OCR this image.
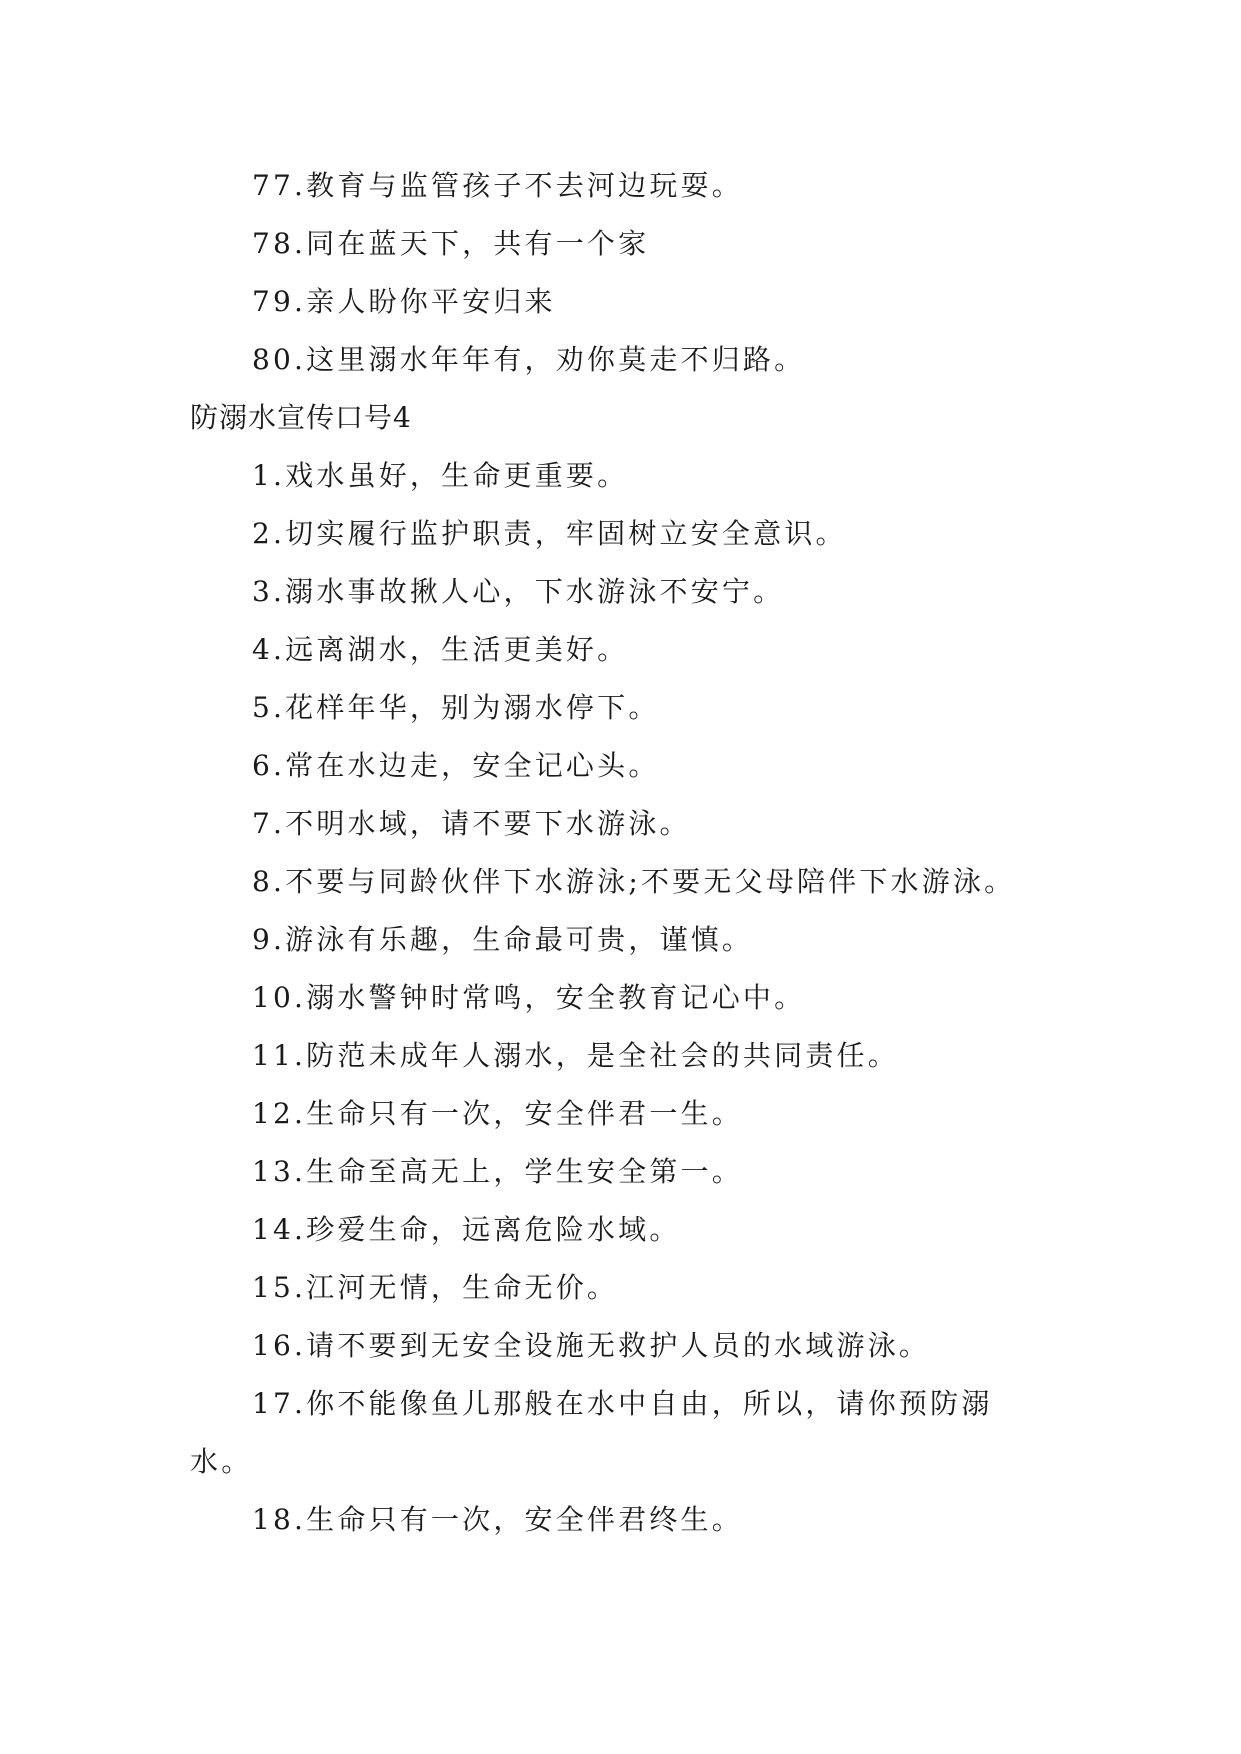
77.教育与监管孩子不去河边玩耍。
78.同在蓝天下，共有一个家
79.亲人盼你平安归来
80.这里溺水年年有，劝你莫走不归路。
防溺水宣传口号4
1.戏水虽好，生命更重要。
2.切实履行监护职责，牢固树立安全意识。
3.溺水事故揪人心，下水游泳不安宁。
4.远离湖水，生活更美好。
5.花样年华，别为溺水停下。
6.常在水边走，安全记心头。
7.不明水域，请不要下水游泳。
8.不要与同龄伙伴下水游泳;不要无父母陪伴下水游泳。
9.游泳有乐趣，生命最可贵，谨慎。
10.溺水警钟时常鸣，安全教育记心中。
11.防范未成年人溺水，是全社会的共同责任。
12.生命只有一次，安全伴君一生。
13.生命至高无上，学生安全第一。
14.珍爱生命，远离危险水域。
15.江河无情，生命无价。
16.请不要到无安全设施无救护人员的水域游泳。
17.你不能像鱼儿那般在水中自由，所以，请你预防溺
水。
18.生命只有一次，安全伴君终生。
